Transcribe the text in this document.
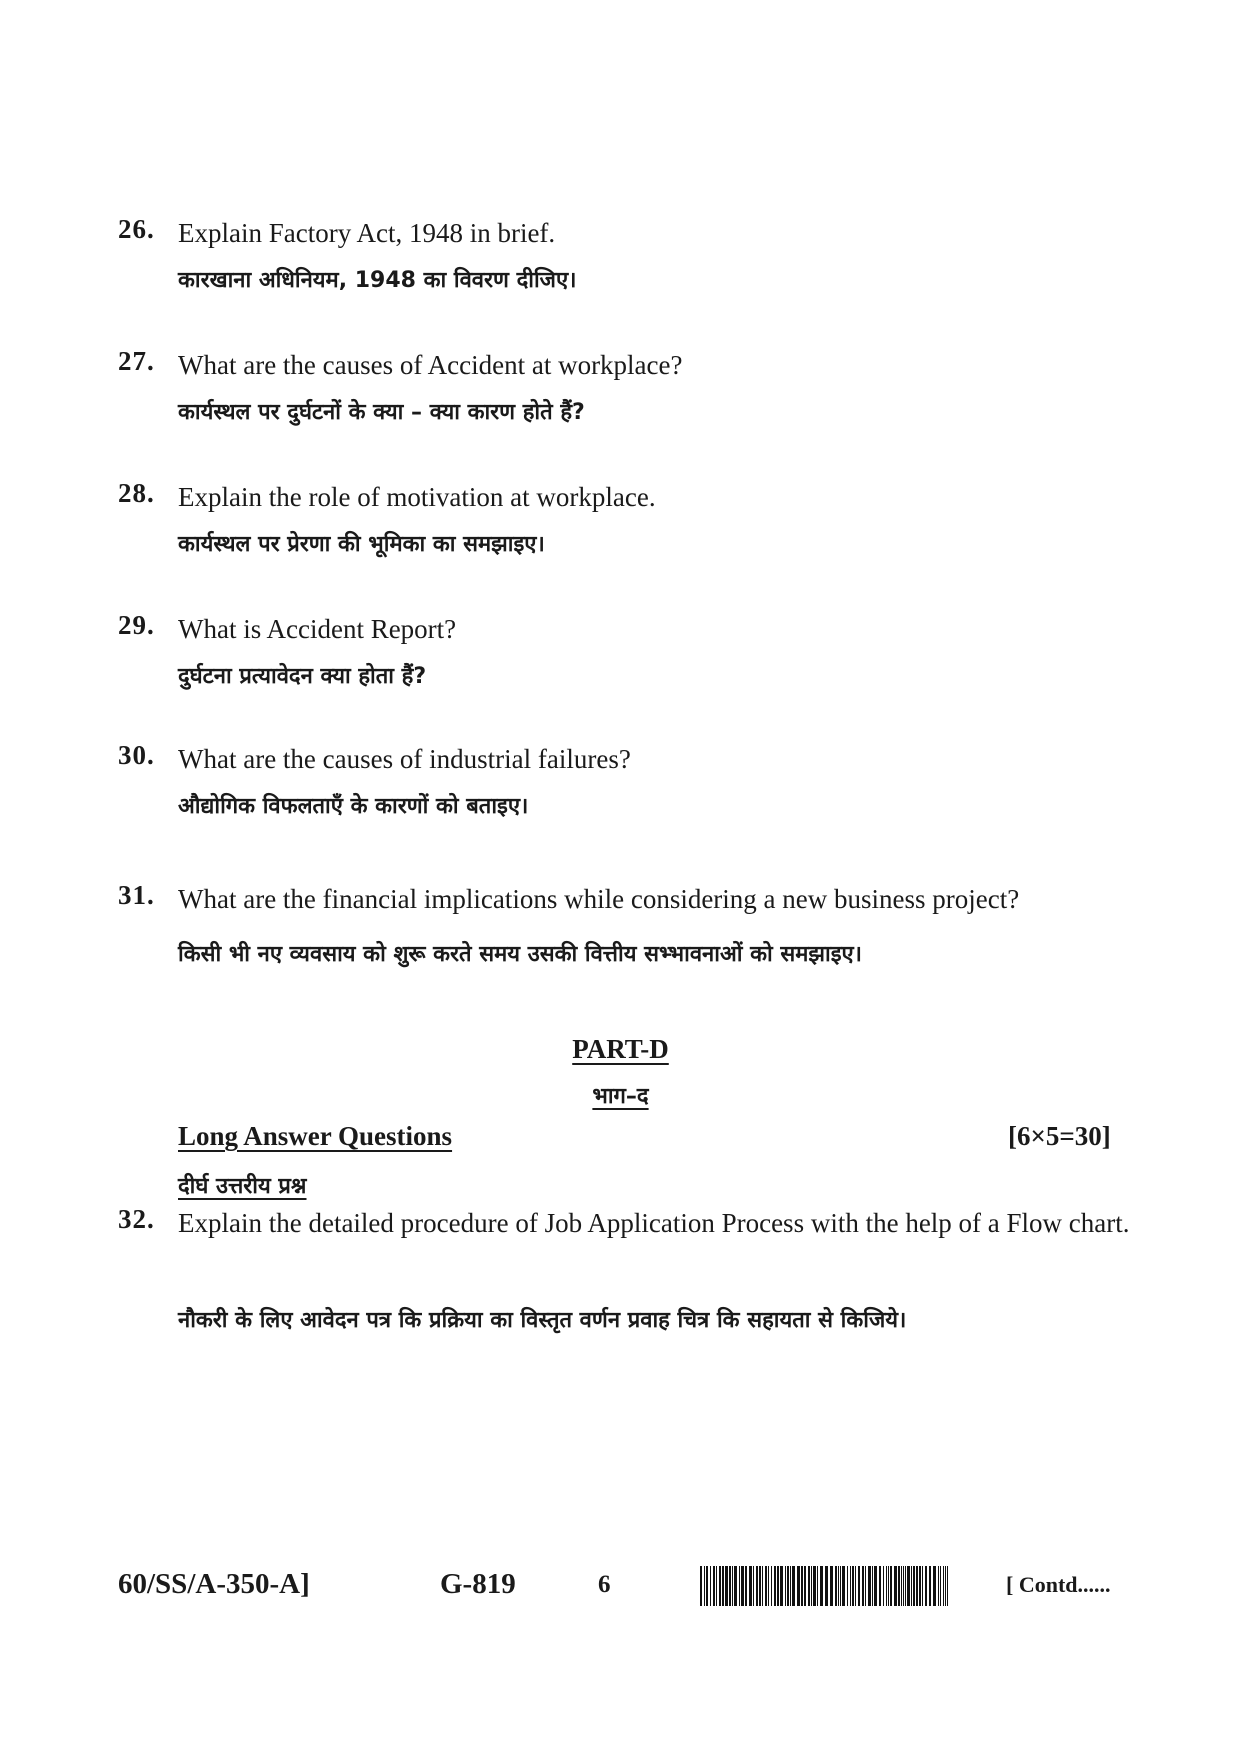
26. Explain Factory Act, 1948 in brief.
कारखाना अधिनियम, 1948 का विवरण दीजिए।
27. What are the causes of Accident at workplace?
कार्यस्थल पर दुर्घटनों के क्या – क्या कारण होते हैं?
28. Explain the role of motivation at workplace.
कार्यस्थल पर प्रेरणा की भूमिका का समझाइए।
29. What is Accident Report?
दुर्घटना प्रत्यावेदन क्या होता हैं?
30. What are the causes of industrial failures?
औद्योगिक विफलताएँ के कारणों को बताइए।
31. What are the financial implications while considering a new business project?
किसी भी नए व्यवसाय को शुरू करते समय उसकी वित्तीय सभ्भावनाओं को समझाइए।
PART-D
भाग–द
Long Answer Questions	[6×5=30]
दीर्घ उत्तरीय प्रश्न
32. Explain the detailed procedure of Job Application Process with the help of a Flow chart.
नौकरी के लिए आवेदन पत्र कि प्रक्रिया का विस्तृत वर्णन प्रवाह चित्र कि सहायता से किजिये।
60/SS/A-350-A]	G-819	6	[ Contd......
